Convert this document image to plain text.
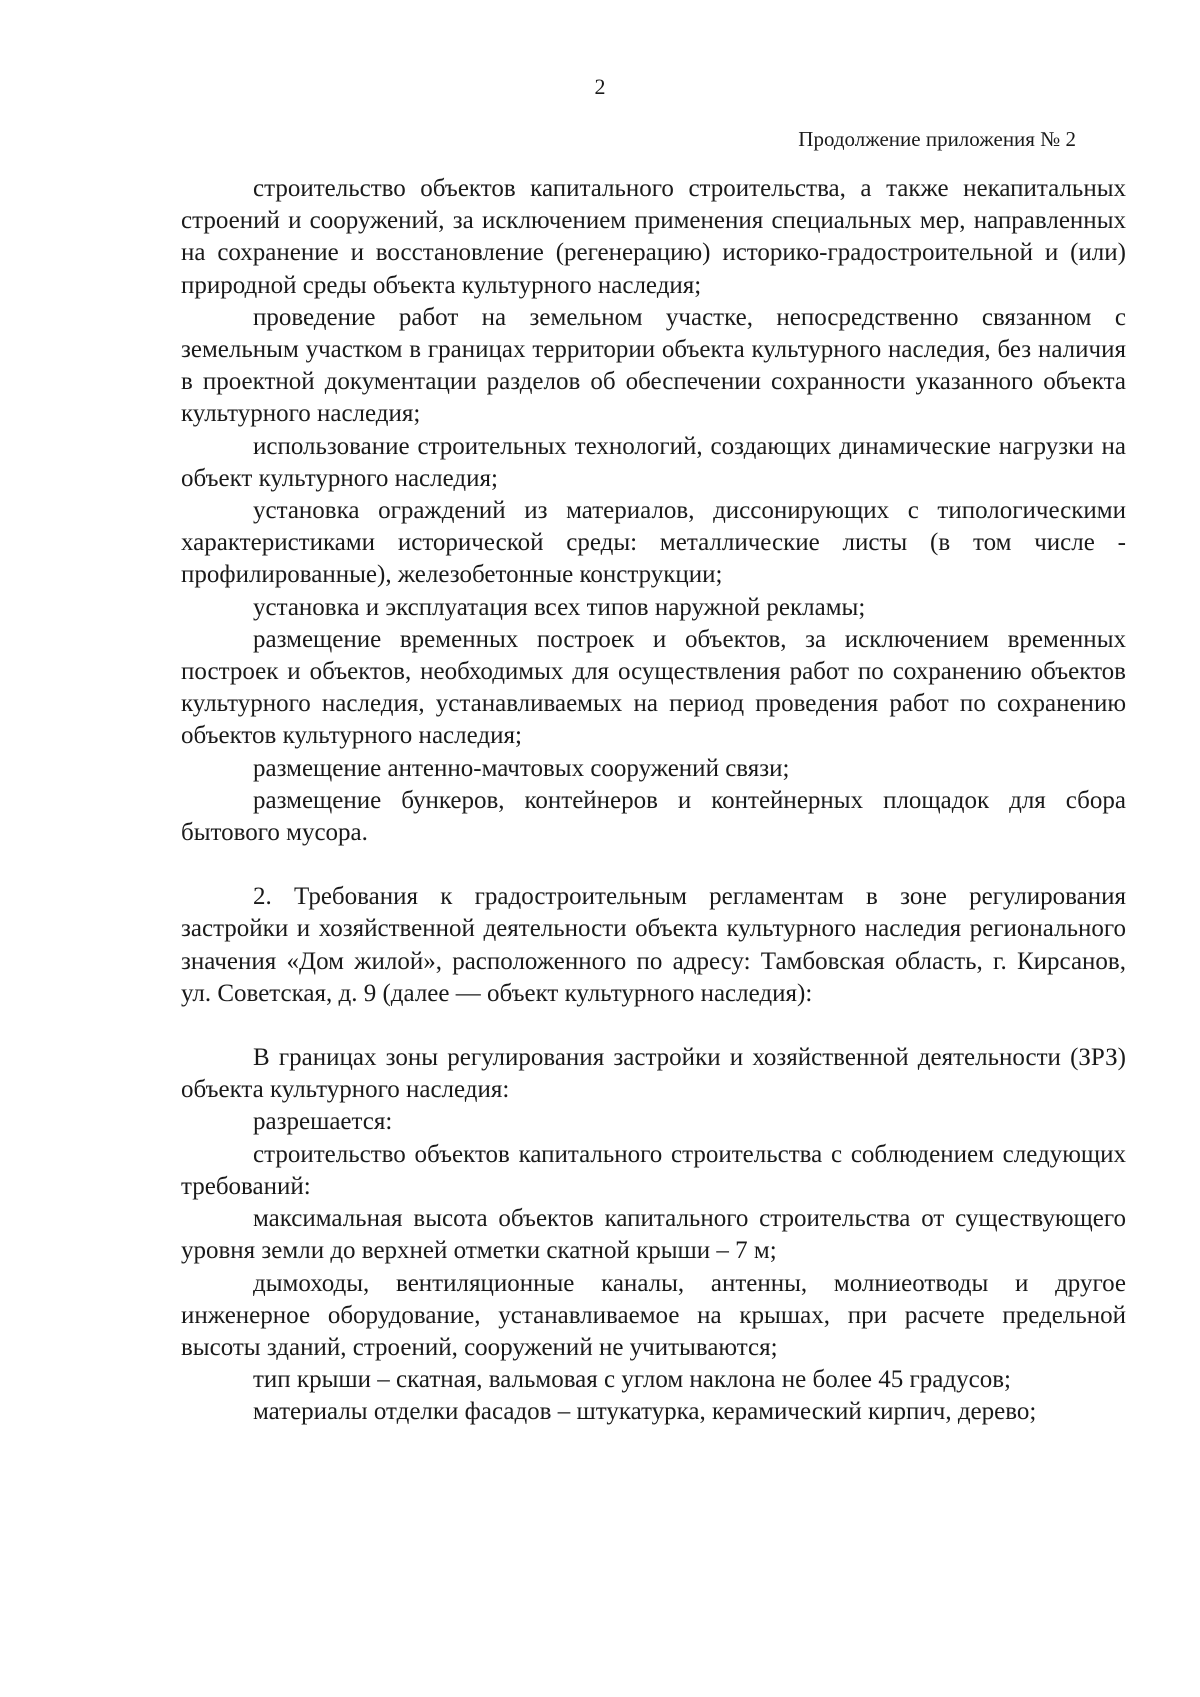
2
Продолжение приложения № 2

строительство объектов капитального строительства, а также некапитальных строений и сооружений, за исключением применения специальных мер, направленных на сохранение и восстановление (регенерацию) историко-градостроительной и (или) природной среды объекта культурного наследия;

проведение работ на земельном участке, непосредственно связанном с земельным участком в границах территории объекта культурного наследия, без наличия в проектной документации разделов об обеспечении сохранности указанного объекта культурного наследия;

использование строительных технологий, создающих динамические нагрузки на объект культурного наследия;

установка ограждений из материалов, диссонирующих с типологическими характеристиками исторической среды: металлические листы (в том числе - профилированные), железобетонные конструкции;

установка и эксплуатация всех типов наружной рекламы;

размещение временных построек и объектов, за исключением временных построек и объектов, необходимых для осуществления работ по сохранению объектов культурного наследия, устанавливаемых на период проведения работ по сохранению объектов культурного наследия;

размещение антенно-мачтовых сооружений связи;

размещение бункеров, контейнеров и контейнерных площадок для сбора бытового мусора.

2. Требования к градостроительным регламентам в зоне регулирования застройки и хозяйственной деятельности объекта культурного наследия регионального значения «Дом жилой», расположенного по адресу: Тамбовская область, г. Кирсанов, ул. Советская, д. 9 (далее — объект культурного наследия):

В границах зоны регулирования застройки и хозяйственной деятельности (ЗРЗ) объекта культурного наследия:

разрешается:

строительство объектов капитального строительства с соблюдением следующих требований:

максимальная высота объектов капитального строительства от существующего уровня земли до верхней отметки скатной крыши – 7 м;

дымоходы, вентиляционные каналы, антенны, молниеотводы и другое инженерное оборудование, устанавливаемое на крышах, при расчете предельной высоты зданий, строений, сооружений не учитываются;

тип крыши – скатная, вальмовая с углом наклона не более 45 градусов;

материалы отделки фасадов – штукатурка, керамический кирпич, дерево;
